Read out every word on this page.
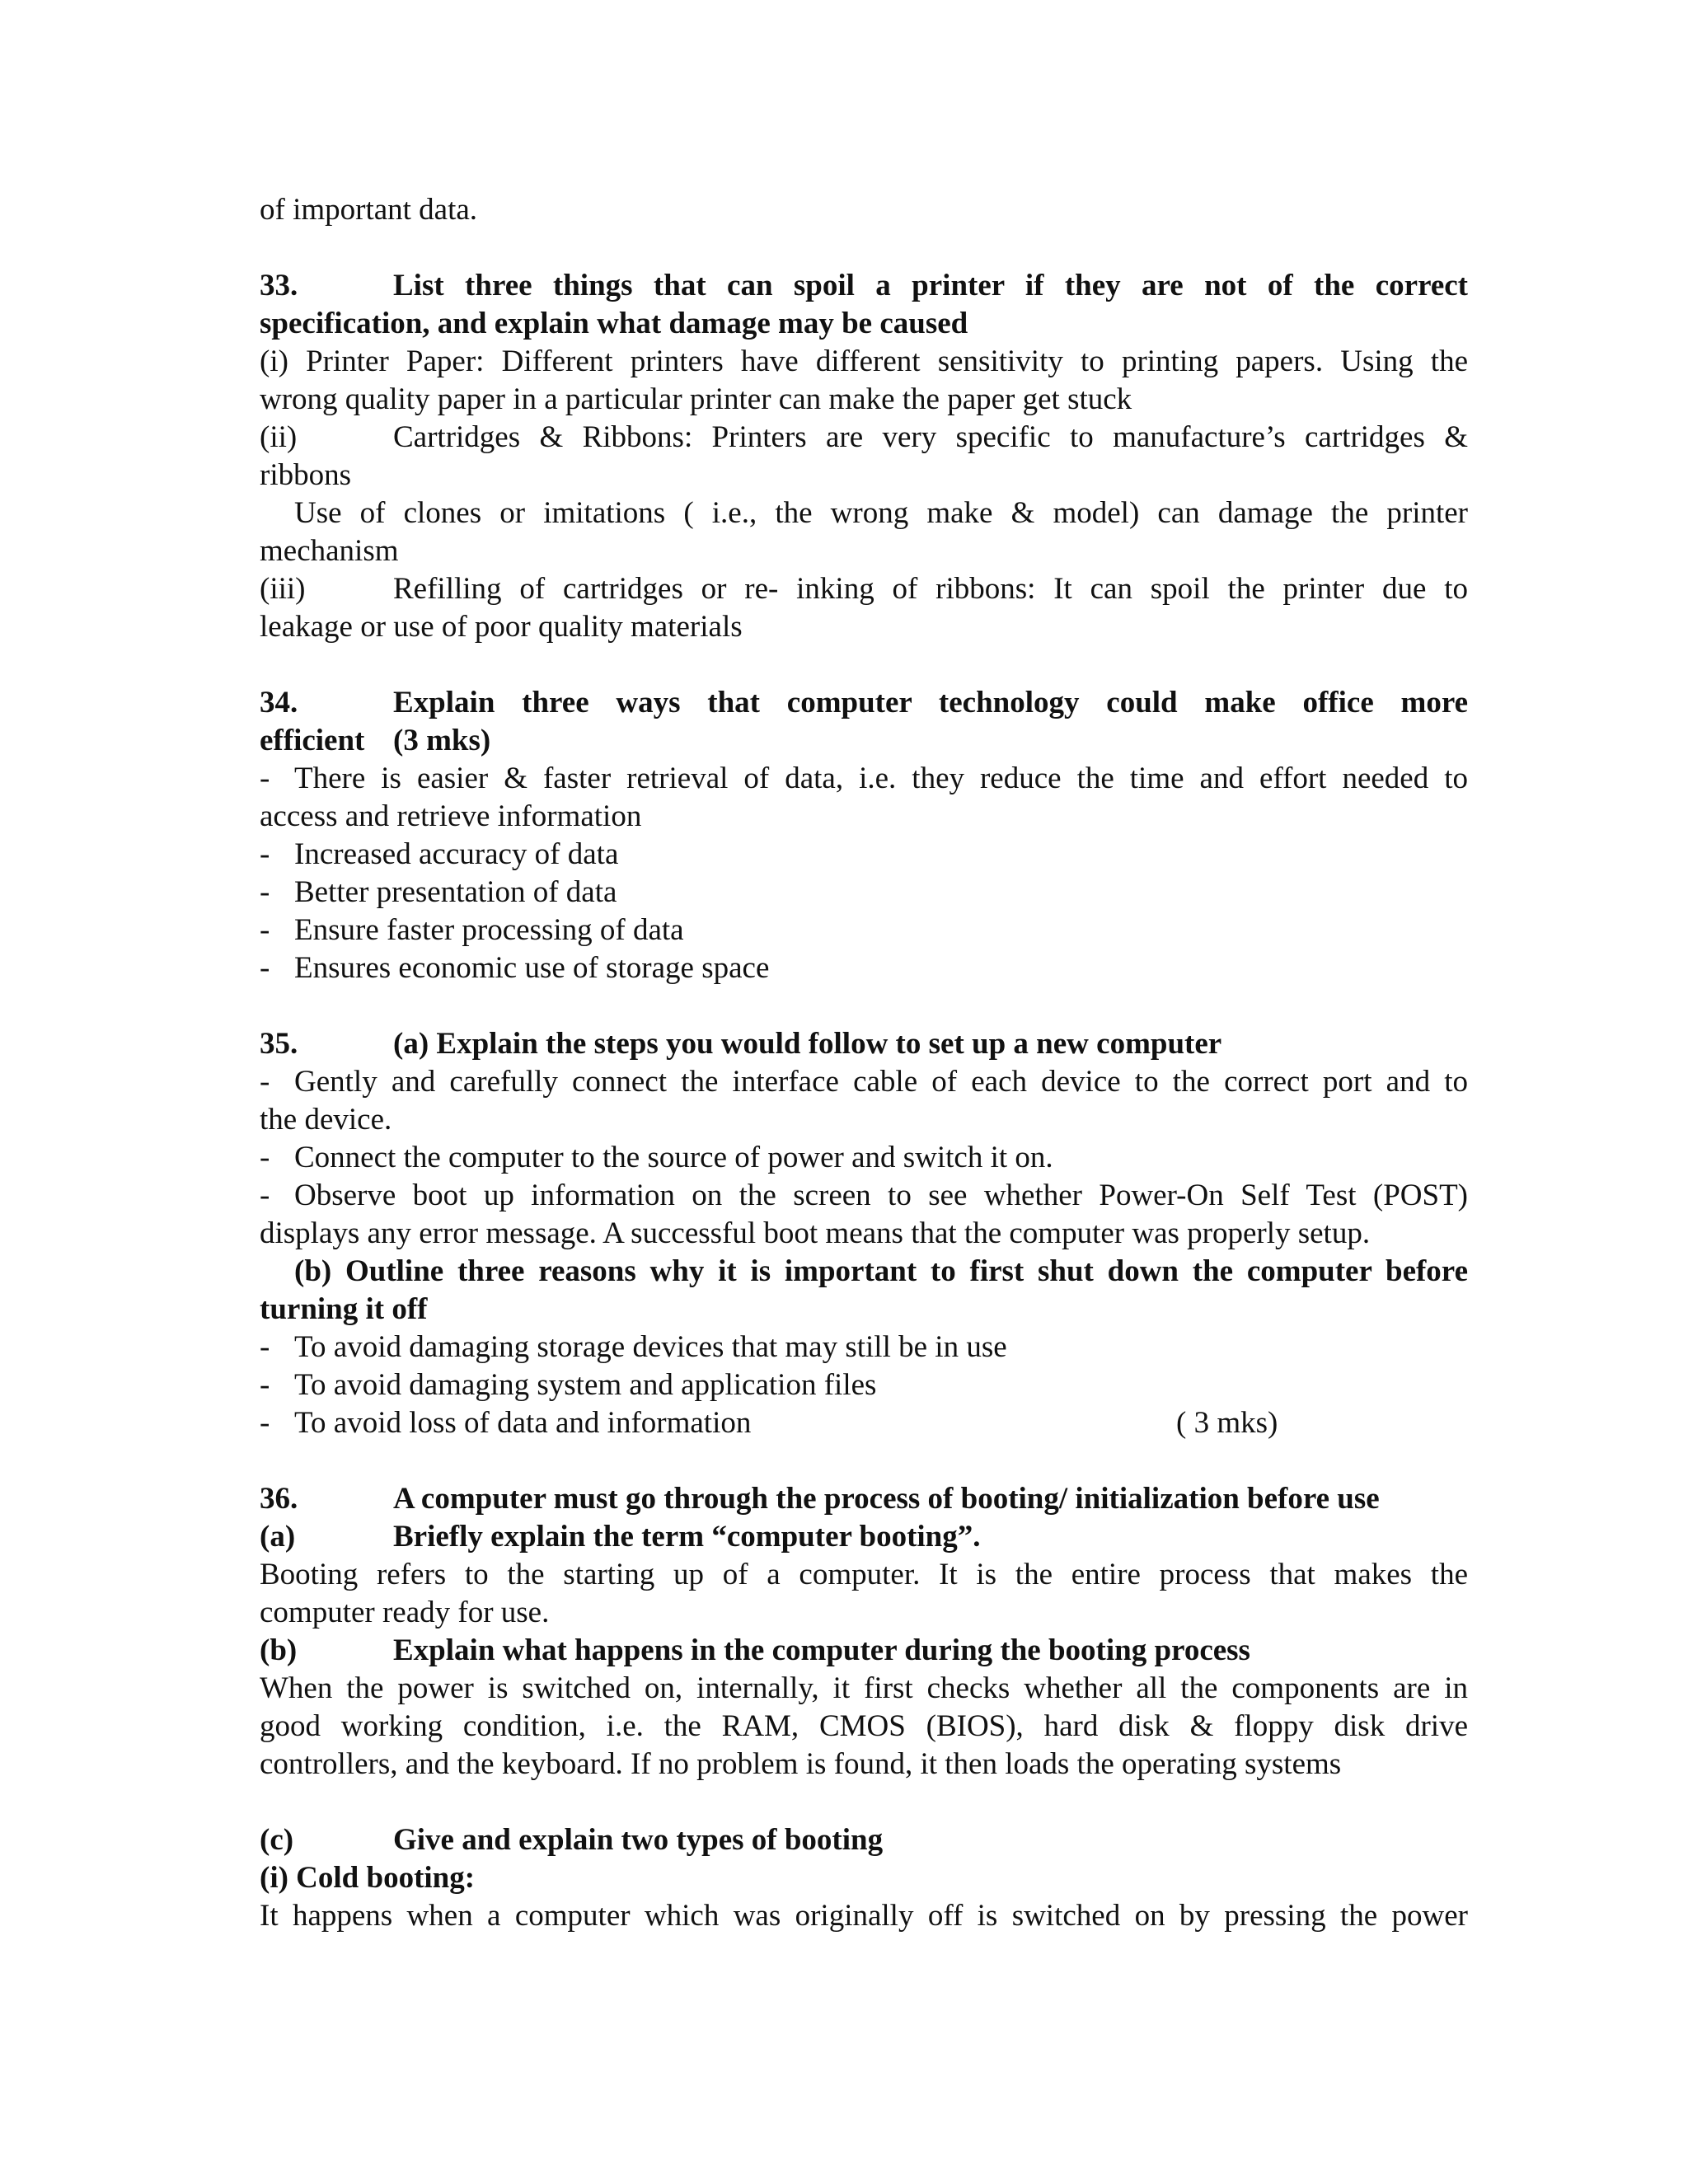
of important data.
33.	List three things that can spoil a printer if they are not of the correct
specification, and explain what damage may be caused
(i) Printer Paper: Different printers have different sensitivity to printing papers. Using the
wrong quality paper in a particular printer can make the paper get stuck
(ii)	Cartridges & Ribbons: Printers are very specific to manufacture’s cartridges &
ribbons
Use of clones or imitations ( i.e., the wrong make & model) can damage the printer
mechanism
(iii)	Refilling of cartridges or re- inking of ribbons: It can spoil the printer due to
leakage or use of poor quality materials
34.	Explain three ways that computer technology could make office more
efficient (3 mks)
- There is easier & faster retrieval of data, i.e. they reduce the time and effort needed to
access and retrieve information
- Increased accuracy of data
- Better presentation of data
- Ensure faster processing of data
- Ensures economic use of storage space
35.	(a) Explain the steps you would follow to set up a new computer
- Gently and carefully connect the interface cable of each device to the correct port and to
the device.
- Connect the computer to the source of power and switch it on.
- Observe boot up information on the screen to see whether Power-On Self Test (POST)
displays any error message. A successful boot means that the computer was properly setup.
(b) Outline three reasons why it is important to first shut down the computer before
turning it off
- To avoid damaging storage devices that may still be in use
- To avoid damaging system and application files
- To avoid loss of data and information	( 3 mks)
36.	A computer must go through the process of booting/ initialization before use
(a)	Briefly explain the term “computer booting”.
Booting refers to the starting up of a computer. It is the entire process that makes the
computer ready for use.
(b)	Explain what happens in the computer during the booting process
When the power is switched on, internally, it first checks whether all the components are in
good working condition, i.e. the RAM, CMOS (BIOS), hard disk & floppy disk drive
controllers, and the keyboard. If no problem is found, it then loads the operating systems
(c)	Give and explain two types of booting
(i) Cold booting:
It happens when a computer which was originally off is switched on by pressing the power
